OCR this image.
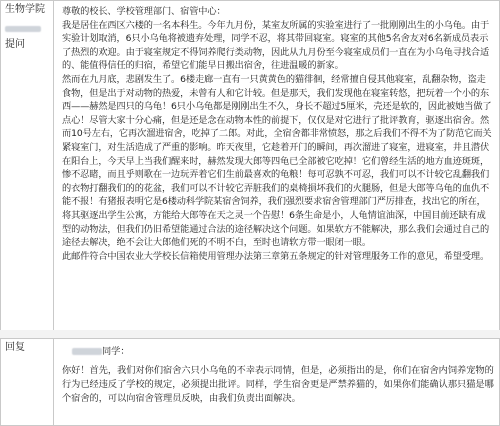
生物学院
提问

尊敬的校长、学校管理部门、宿管中心：

我是居住在西区六楼的一名本科生。今年九月份，某室友所属的实验室进行了一批刚刚出生的小乌龟。由于实验计划取消，6只小乌龟将被遗弃处理，同学不忍，将其带回寝室。寝室的其他5名舍友对6名新成员表示了热烈的欢迎。由于寝室规定不得饲养爬行类动物，因此从九月份至今寝室成员们一直在为小乌龟寻找合适的、能值得信任的归宿，希望它们能早日搬出宿舍，往进温暖的新家。

然而在九月底，悲剧发生了。6楼走廊一直有一只黄黄色的猫徘徊，经常擅自侵其他寝室，乱翻杂物，盗走食物，但是出于对动物的热爱，未曾有人和它计较。但是那天，我们发现他在寝室转悠，把玩着一个小的东西——赫然是四只的乌龟！6只小乌龟都是刚刚出生不久，身长不超过5厘米，壳还是软的，因此被她当做了点心！尽管大家十分心痛，但是还是念在动物本性的前提下，仅仅是对它进行了批评教育，驱逐出宿舍。然而10号左右，它再次溜进宿舍，吃掉了二郎。对此，全宿舍都非常愤怒，那之后我们不得不为了防范它而关紧寝室门，对生活造成了严重的影响。昨天夜里，它趁着开门的瞬间，再次溜进了寝室，进寝室，井且潜伏在阳台上，今天早上当我们醒来时，赫然发现大郎等四龟已全部被它吃掉！它们曾经生活的地方血迹斑斑，惨不忍睹，而且乎则歌在一边玩弄着它们生前最喜欢的龟粮！每可忍孰不可忍，我们可以不计较它乱翻我们的衣物打翻我们的的花盆，我们可以不计较它弄脏我们的桌椅損坏我们的火腿肠，但是大郎等乌龟的血仇不能不报！有猪报表明它是6楼动科学院某宿舍饲养，我们强烈要求宿舍管理部门严厉排查，找出它的所在，将其驱逐出学生公寓，方能给大郎等在天之灵一个告慰！6条生命是小，人龟情谊油深，中国目前还缺有成型的动物法，但我们仍旧希望能通过合法的途径解决这个问题。如果软方不能解决，那么我们会通过自己的途径去解决，绝不会让大郎他们死的不明不白，至时也请软方带一眼闭一眼。

此邮件符合中国农业大学校长信箱使用管理办法第三章第五条规定的针对管理服务工作的意见，希望受理。

回复	同学：

你好！首先，我们对你们宿舍六只小乌龟的不幸表示同情，但是，必须指出的是，你们在宿舍内饲养宠物的行为已经违反了学校的规定，必须提出批评。同样，学生宿舍更是严禁养猫的，如果你们能确认那只猫是哪个宿舍的，可以向宿舍管理员反映，由我们负责出面解决。
